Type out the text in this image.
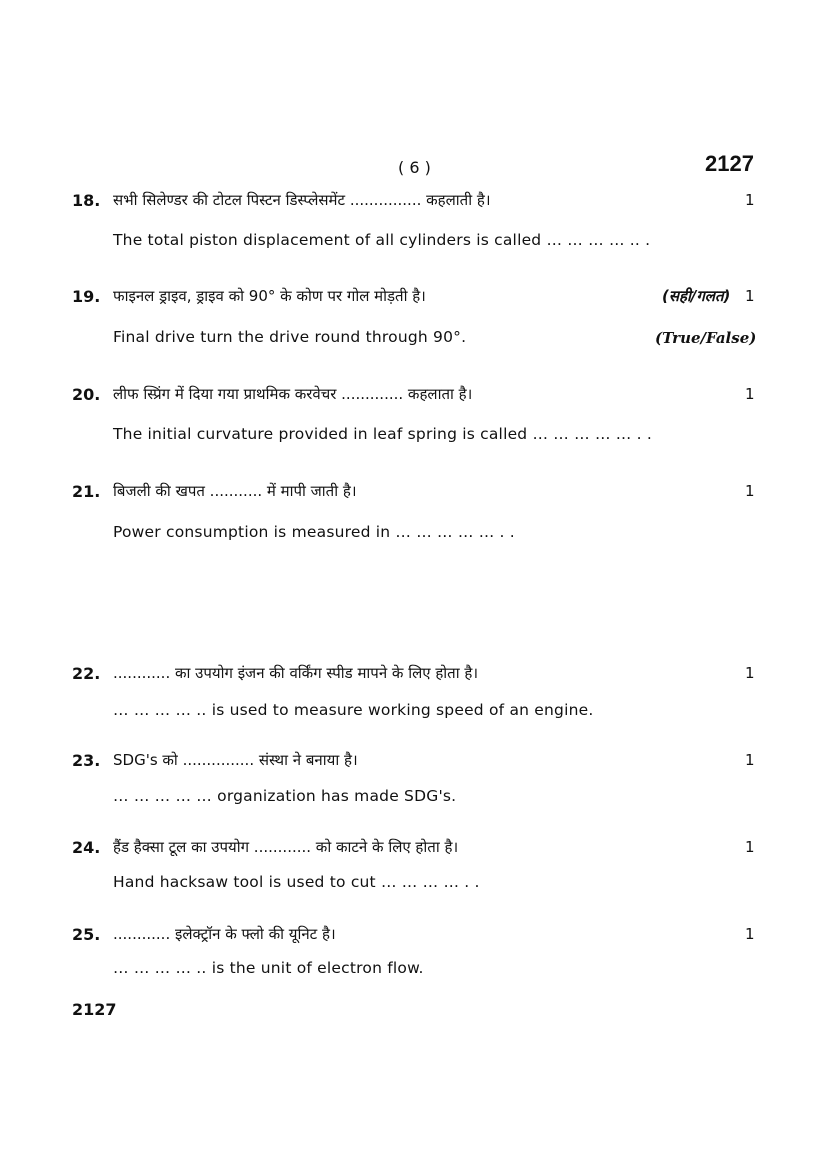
( 6 )	2127
18. सभी सिलेण्डर की टोटल पिस्टन डिस्प्लेसमेंट ............... कहलाती है।	1
The total piston displacement of all cylinders is called … … … … .. .
19. फाइनल ड्राइव, ड्राइव को 90° के कोण पर गोल मोड़ती है।	(सही/गलत) 1
Final drive turn the drive round through 90°.	(True/False)
20. लीफ स्प्रिंग में दिया गया प्राथमिक करवेचर ............. कहलाता है।	1
The initial curvature provided in leaf spring is called … … … … … . .
21. बिजली की खपत ........... में मापी जाती है।	1
Power consumption is measured in … … … … … . .
22. ............ का उपयोग इंजन की वर्किंग स्पीड मापने के लिए होता है।	1
… … … … .. is used to measure working speed of an engine.
23. SDG's को ............... संस्था ने बनाया है।	1
… … … … … organization has made SDG's.
24. हैंड हैक्सा टूल का उपयोग ............ को काटने के लिए होता है।	1
Hand hacksaw tool is used to cut … … … … . .
25. ............ इलेक्ट्रॉन के फ्लो की यूनिट है।	1
… … … … .. is the unit of electron flow.
2127
